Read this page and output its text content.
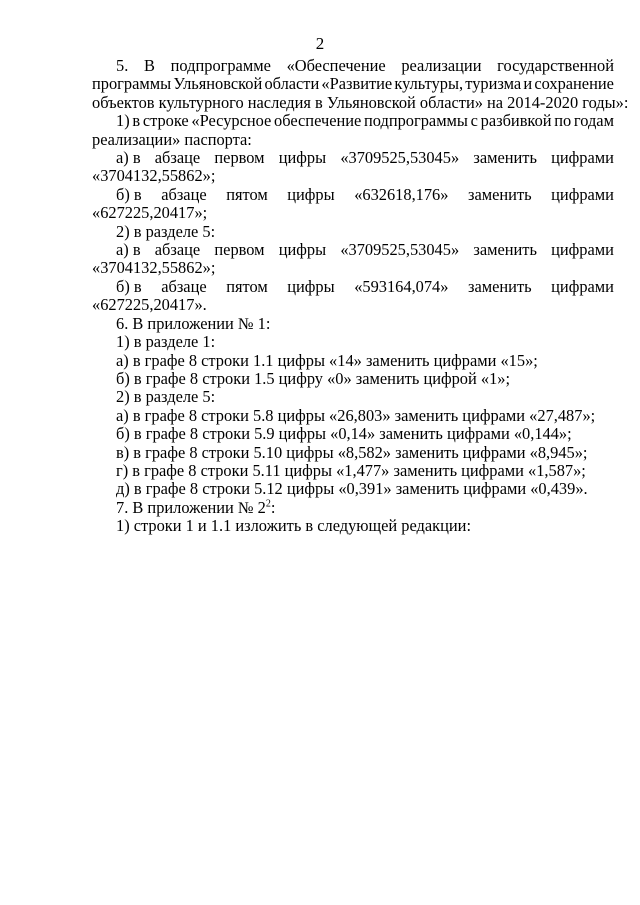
2
5. В подпрограмме «Обеспечение реализации государственной
программы Ульяновской области «Развитие культуры, туризма и сохранение
объектов культурного наследия в Ульяновской области» на 2014-2020 годы»:
1) в строке «Ресурсное обеспечение подпрограммы с разбивкой по годам
реализации» паспорта:
а) в абзаце первом цифры «3709525,53045» заменить цифрами
«3704132,55862»;
б) в абзаце пятом цифры «632618,176» заменить цифрами
«627225,20417»;
2) в разделе 5:
а) в абзаце первом цифры «3709525,53045» заменить цифрами
«3704132,55862»;
б) в абзаце пятом цифры «593164,074» заменить цифрами
«627225,20417».
6. В приложении № 1:
1) в разделе 1:
а) в графе 8 строки 1.1 цифры «14» заменить цифрами «15»;
б) в графе 8 строки 1.5 цифру «0» заменить цифрой «1»;
2) в разделе 5:
а) в графе 8 строки 5.8 цифры «26,803» заменить цифрами «27,487»;
б) в графе 8 строки 5.9 цифры «0,14» заменить цифрами «0,144»;
в) в графе 8 строки 5.10 цифры «8,582» заменить цифрами «8,945»;
г) в графе 8 строки 5.11 цифры «1,477» заменить цифрами «1,587»;
д) в графе 8 строки 5.12 цифры «0,391» заменить цифрами «0,439».
7. В приложении № $2^2$:
1) строки 1 и 1.1 изложить в следующей редакции:
